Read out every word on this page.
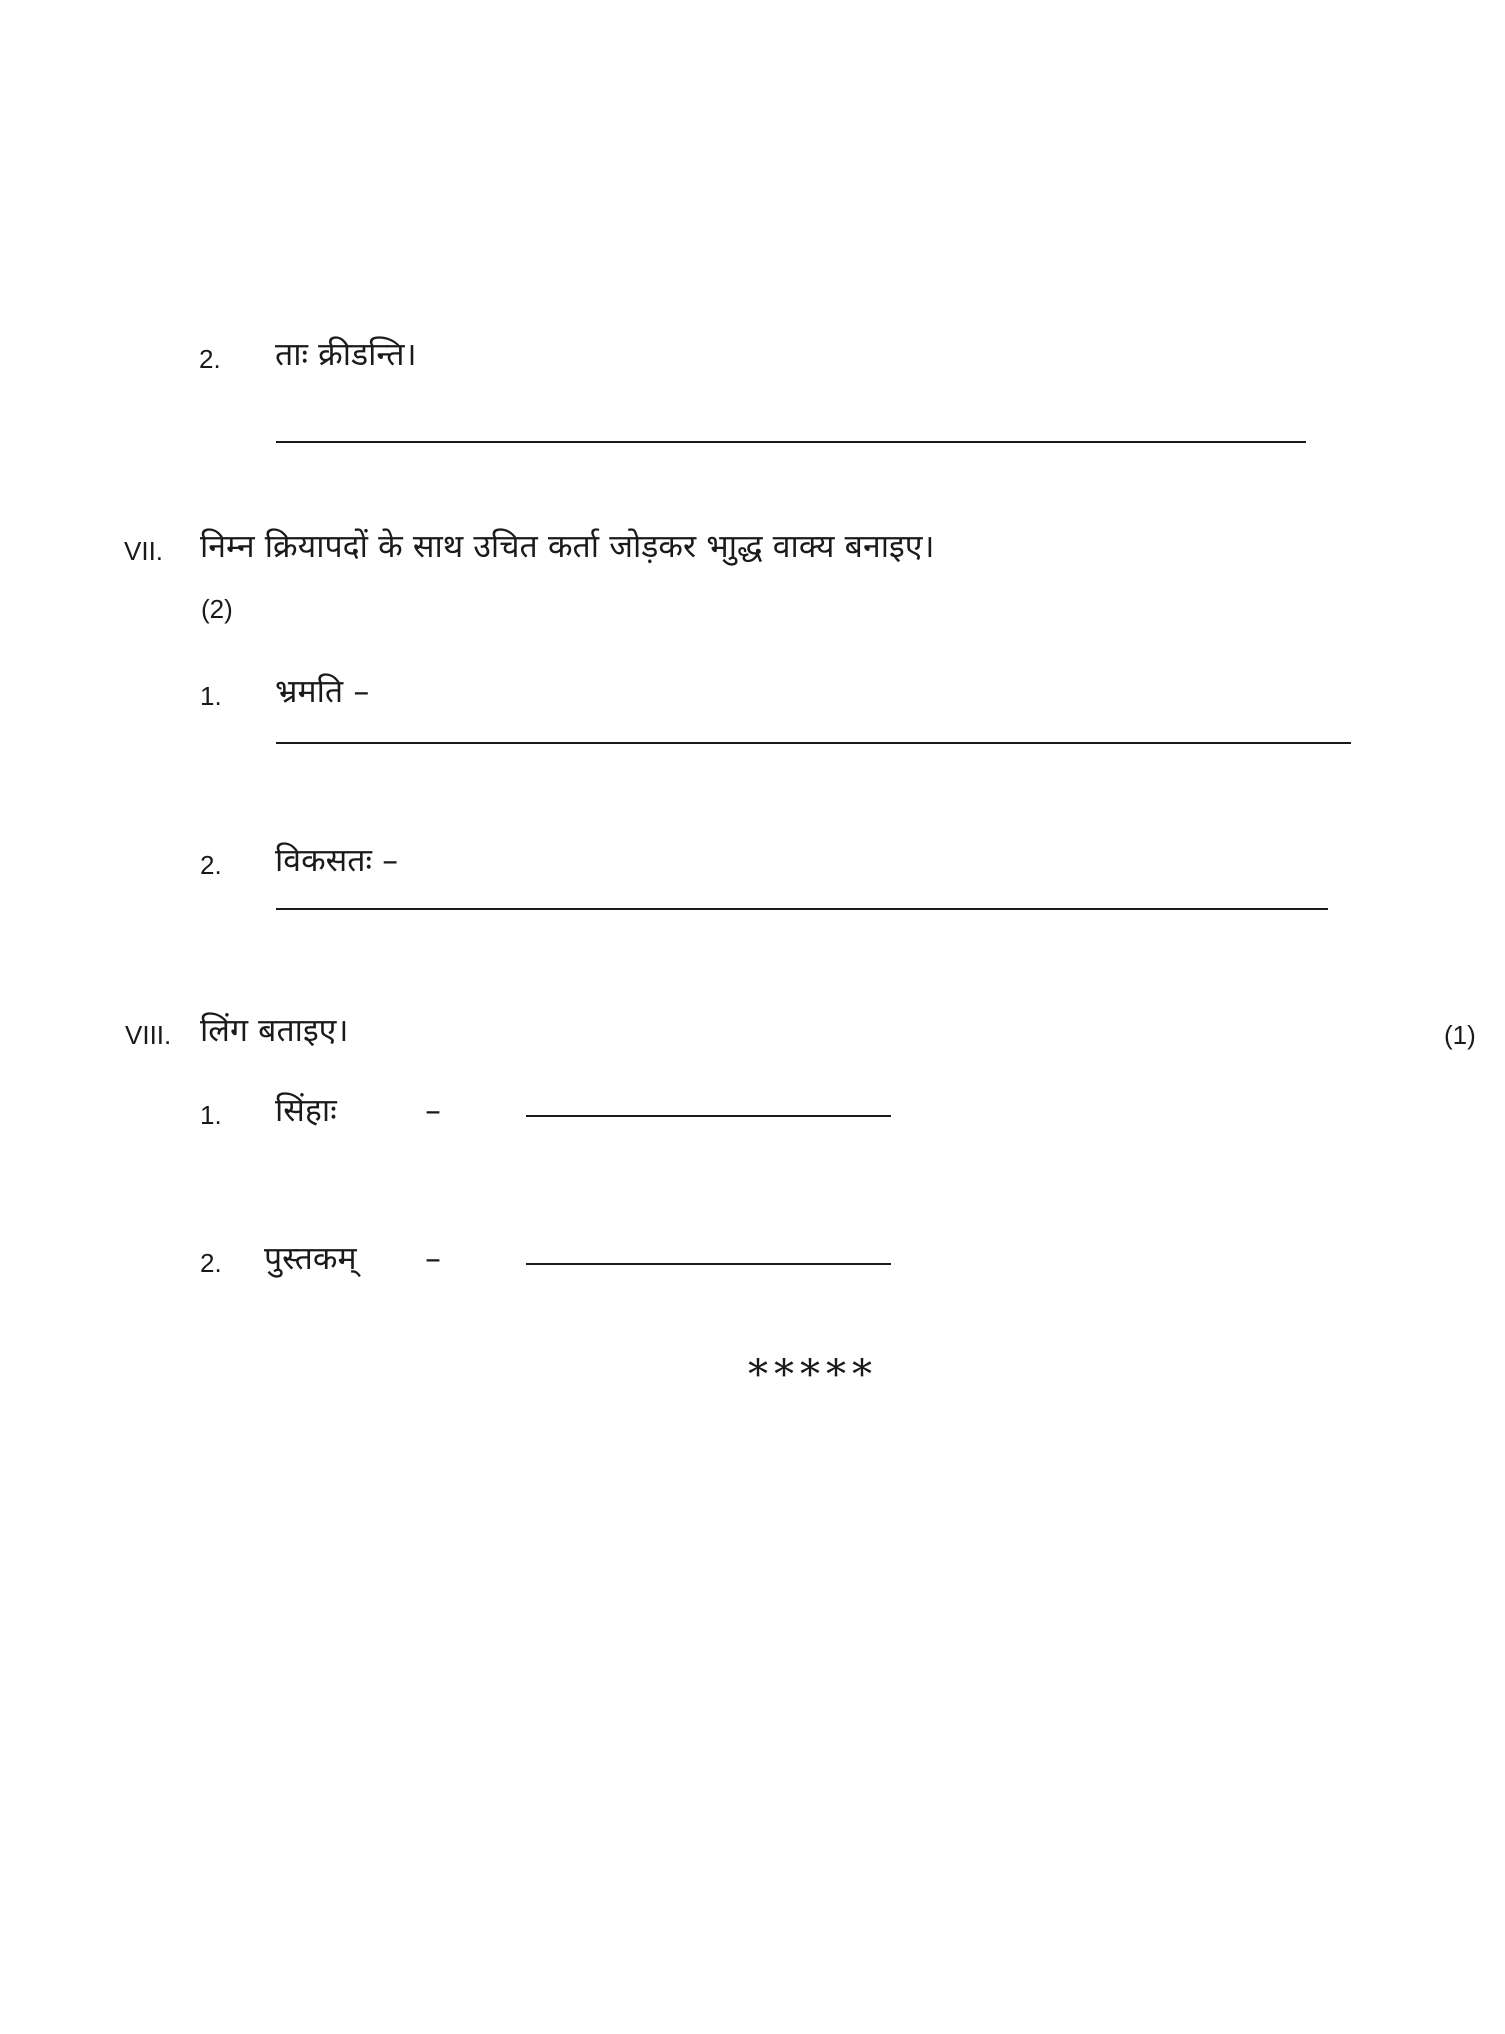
2. ताः क्रीडन्ति।
VII. निम्न क्रियापदों के साथ उचित कर्ता जोड़कर भाुद्ध वाक्य बनाइए।
(2)
1. भ्रमति –
2. विकसतः –
VIII. लिंग बताइए।	(1)
1. सिंहाः	–
2. पुस्तकम् –
*****
